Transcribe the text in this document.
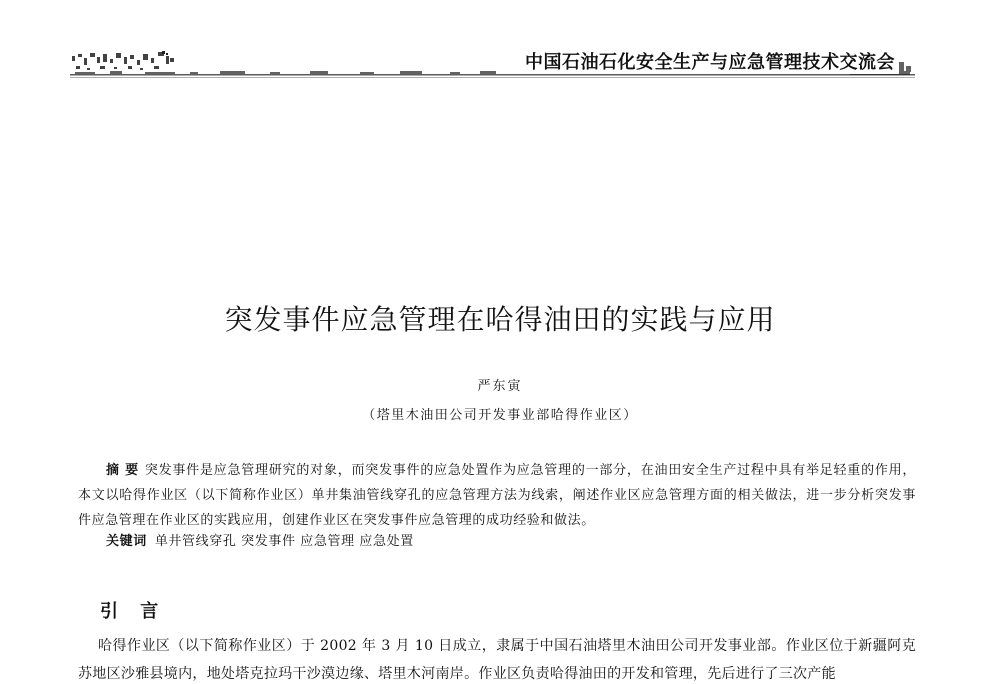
中国石油石化安全生产与应急管理技术交流会
突发事件应急管理在哈得油田的实践与应用
严东寅
（塔里木油田公司开发事业部哈得作业区）
摘 要 突发事件是应急管理研究的对象，而突发事件的应急处置作为应急管理的一部分，在油田安全生产过程中具有举足轻重的作用，本文以哈得作业区（以下简称作业区）单井集油管线穿孔的应急管理方法为线索，阐述作业区应急管理方面的相关做法，进一步分析突发事件应急管理在作业区的实践应用，创建作业区在突发事件应急管理的成功经验和做法。
关键词 单井管线穿孔 突发事件 应急管理 应急处置
引 言
哈得作业区（以下简称作业区）于 2002 年 3 月 10 日成立，隶属于中国石油塔里木油田公司开发事业部。作业区位于新疆阿克苏地区沙雅县境内，地处塔克拉玛干沙漠边缘、塔里木河南岸。作业区负责哈得油田的开发和管理，先后进行了三次产能
